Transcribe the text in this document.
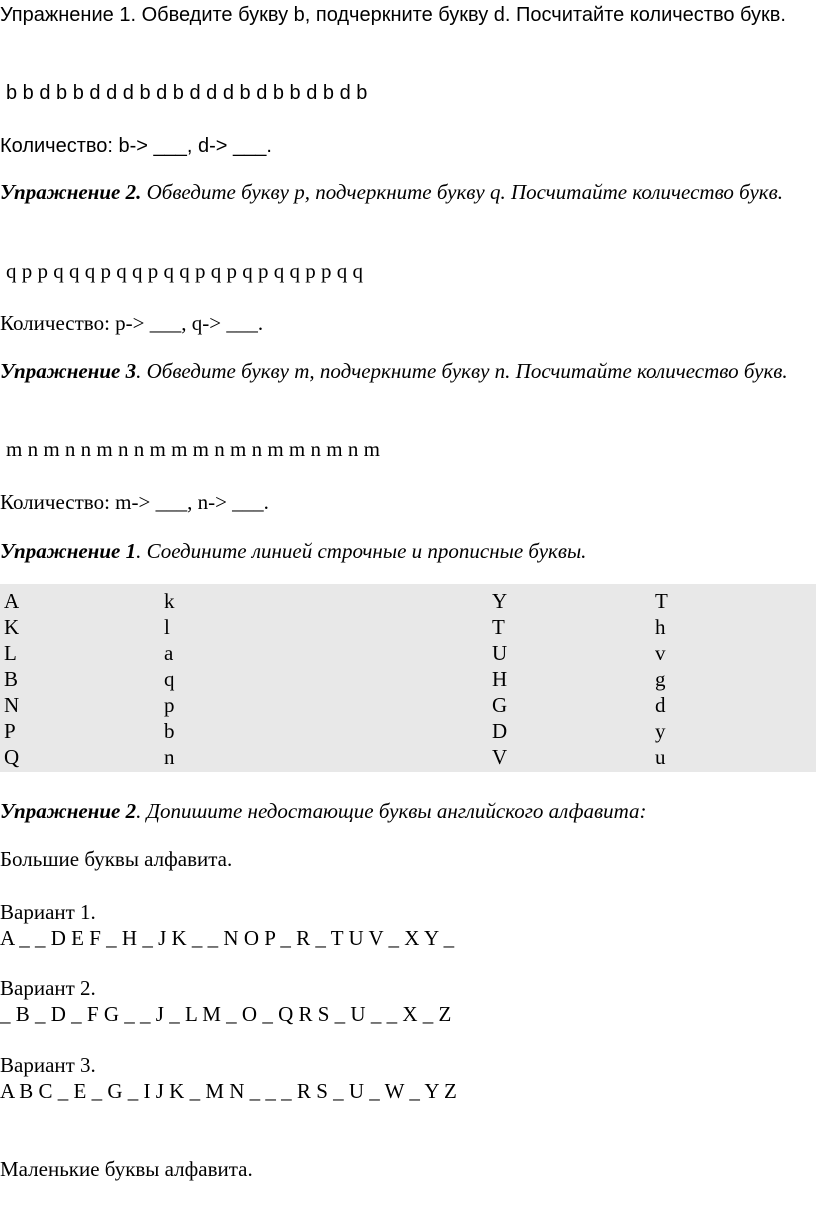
Упражнение 1. Обведите букву b, подчеркните букву d. Посчитайте количество букв.
b b d b b d d d b d b d d d b d b b d b d b
Количество: b-> ___, d-> ___.
Упражнение 2. Обведите букву p, подчеркните букву q. Посчитайте количество букв.
q p p q q q p q q p q q p q p q p q q p p q q
Количество: p-> ___, q-> ___.
Упражнение 3. Обведите букву m, подчеркните букву n. Посчитайте количество букв.
m n m n n m n n m m m n m n m m n m n m
Количество: m-> ___, n-> ___.
Упражнение 1. Соедините линией строчные и прописные буквы.
A	k	Y	T
K	l	T	h
L	a	U	v
B	q	H	g
N	p	G	d
P	b	D	y
Q	n	V	u
Упражнение 2. Допишите недостающие буквы английского алфавита:
Большие буквы алфавита.
Вариант 1.
A _ _ D E F _ H _ J K _ _ N O P _ R _ T U V _ X Y _
Вариант 2.
_ B _ D _ F G _ _ J _ L M _ O _ Q R S _ U _ _ X _ Z
Вариант 3.
A B C _ E _ G _ I J K _ M N _ _ _ R S _ U _ W _ Y Z
Маленькие буквы алфавита.
